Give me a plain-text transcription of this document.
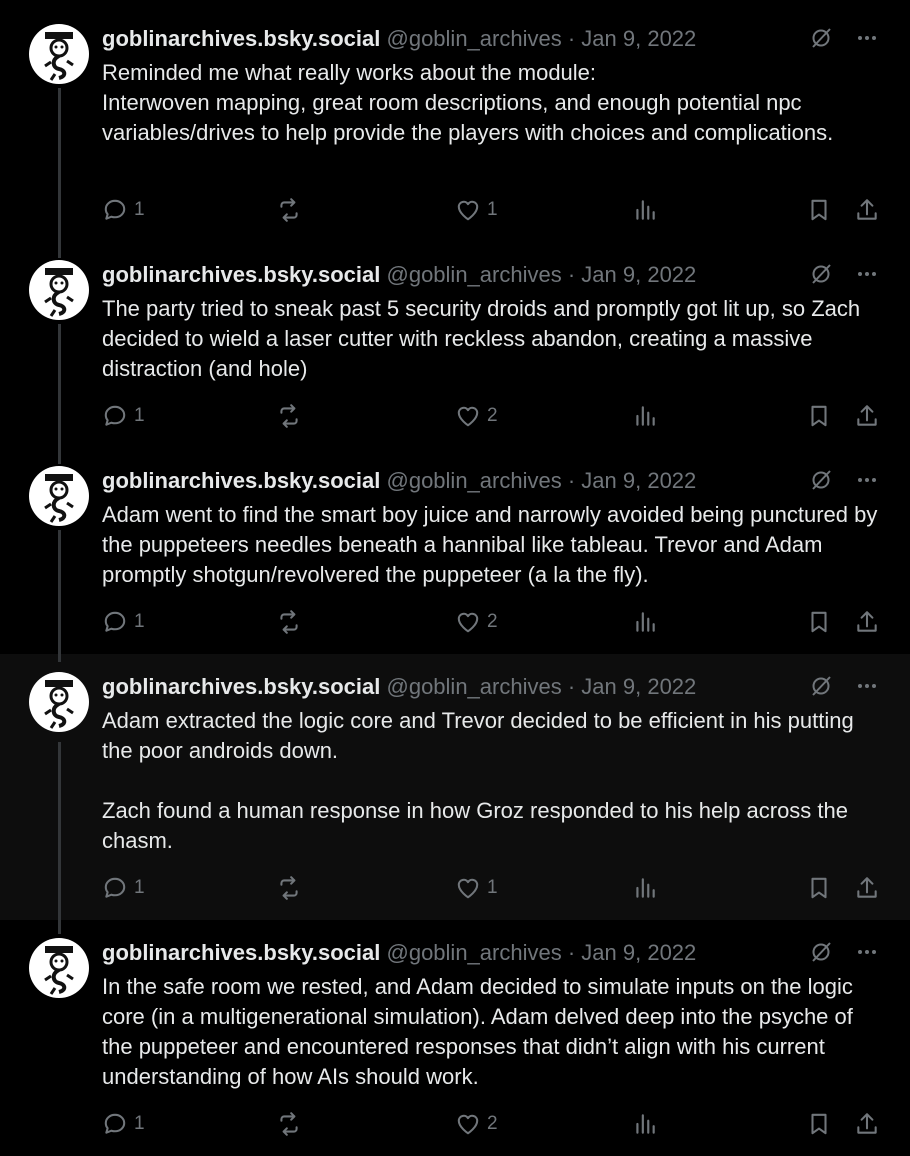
goblinarchives.bsky.social @goblin_archives · Jan 9, 2022
Reminded me what really works about the module:
Interwoven mapping, great room descriptions, and enough potential npc variables/drives to help provide the players with choices and complications.
1	1
goblinarchives.bsky.social @goblin_archives · Jan 9, 2022
The party tried to sneak past 5 security droids and promptly got lit up, so Zach decided to wield a laser cutter with reckless abandon, creating a massive distraction (and hole)
1	2
goblinarchives.bsky.social @goblin_archives · Jan 9, 2022
Adam went to find the smart boy juice and narrowly avoided being punctured by the puppeteers needles beneath a hannibal like tableau. Trevor and Adam promptly shotgun/revolvered the puppeteer (a la the fly).
1	2
goblinarchives.bsky.social @goblin_archives · Jan 9, 2022
Adam extracted the logic core and Trevor decided to be efficient in his putting the poor androids down.

Zach found a human response in how Groz responded to his help across the chasm.
1	1
goblinarchives.bsky.social @goblin_archives · Jan 9, 2022
In the safe room we rested, and Adam decided to simulate inputs on the logic core (in a multigenerational simulation). Adam delved deep into the psyche of the puppeteer and encountered responses that didn’t align with his current understanding of how AIs should work.
1	2
